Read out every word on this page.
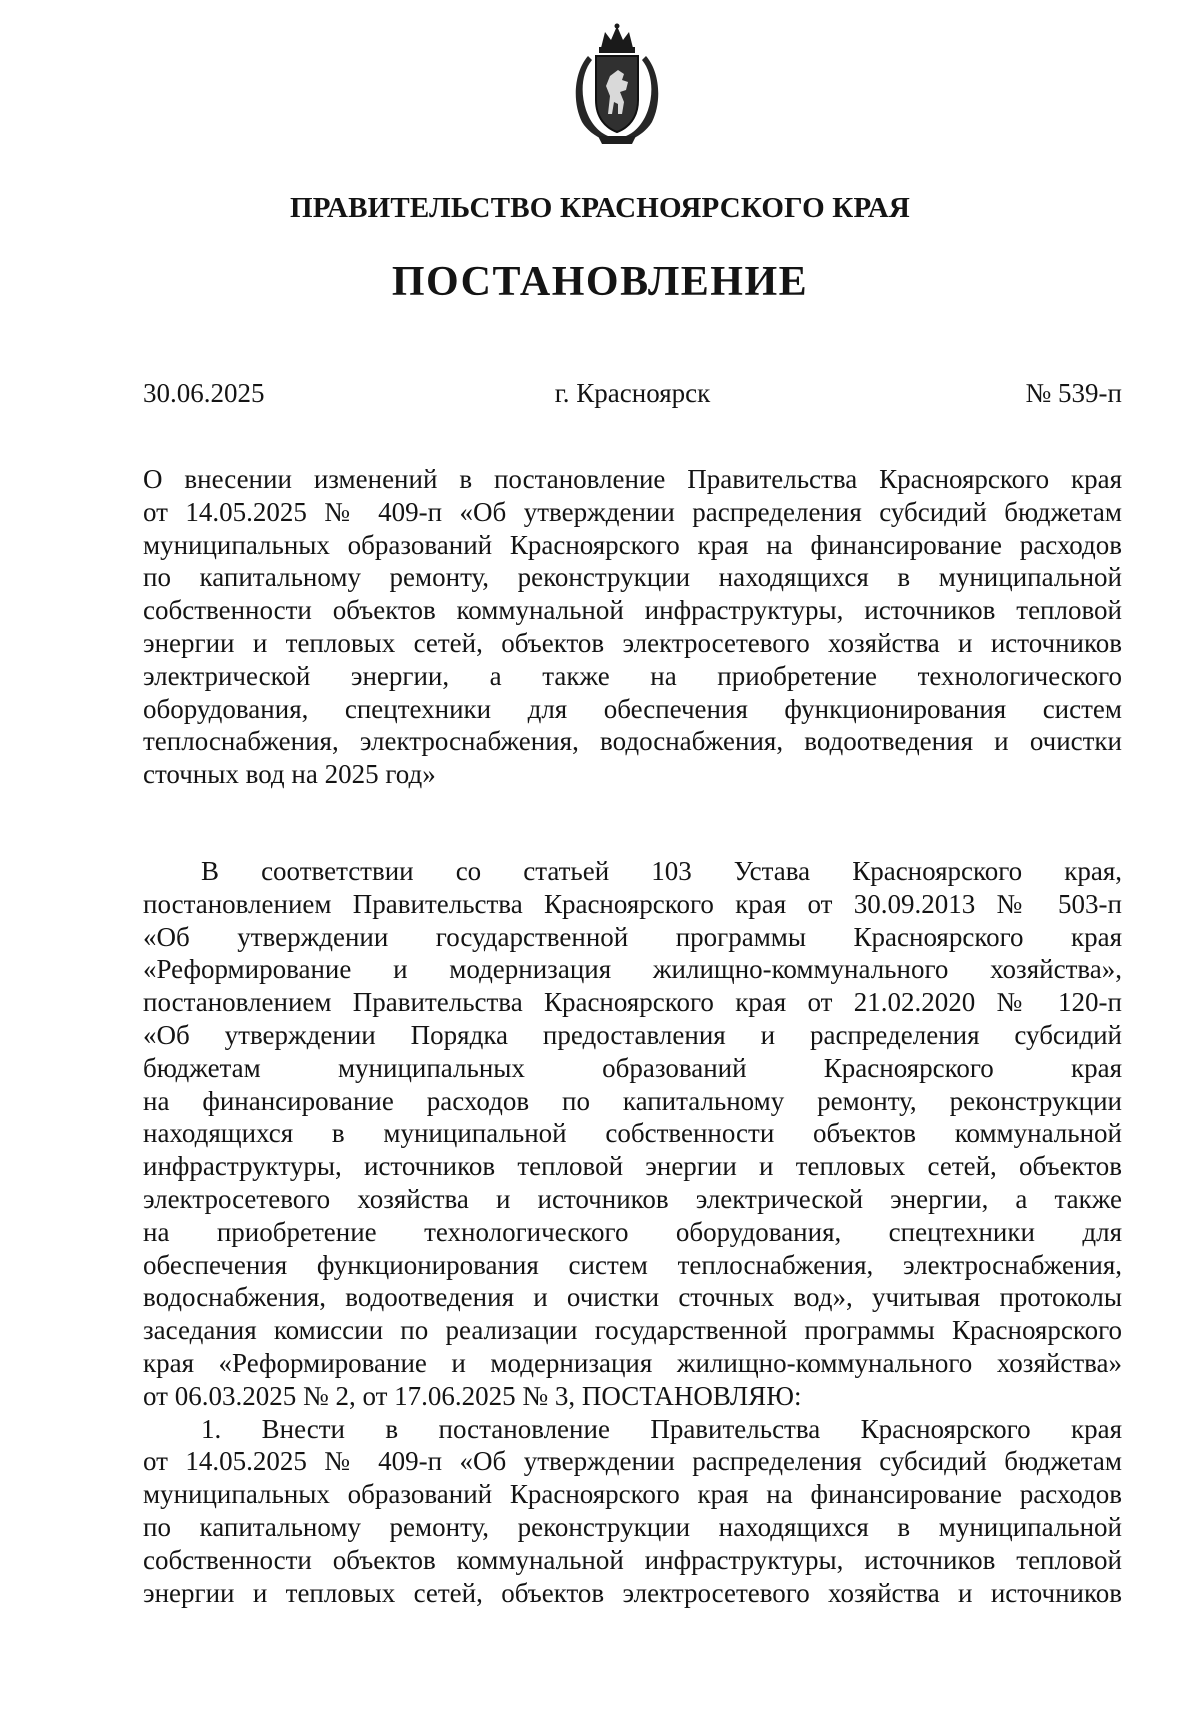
ПРАВИТЕЛЬСТВО КРАСНОЯРСКОГО КРАЯ
ПОСТАНОВЛЕНИЕ
г. Красноярск
30.06.2025	№ 539-п
О внесении изменений в постановление Правительства Красноярского края
от 14.05.2025 № 409-п «Об утверждении распределения субсидий бюджетам
муниципальных образований Красноярского края на финансирование расходов
по капитальному ремонту, реконструкции находящихся в муниципальной
собственности объектов коммунальной инфраструктуры, источников тепловой
энергии и тепловых сетей, объектов электросетевого хозяйства и источников
электрической энергии, а также на приобретение технологического
оборудования, спецтехники для обеспечения функционирования систем
теплоснабжения, электроснабжения, водоснабжения, водоотведения и очистки
сточных вод на 2025 год»
В соответствии со статьей 103 Устава Красноярского края,
постановлением Правительства Красноярского края от 30.09.2013 № 503-п
«Об утверждении государственной программы Красноярского края
«Реформирование и модернизация жилищно-коммунального хозяйства»,
постановлением Правительства Красноярского края от 21.02.2020 № 120-п
«Об утверждении Порядка предоставления и распределения субсидий
бюджетам муниципальных образований Красноярского края
на финансирование расходов по капитальному ремонту, реконструкции
находящихся в муниципальной собственности объектов коммунальной
инфраструктуры, источников тепловой энергии и тепловых сетей, объектов
электросетевого хозяйства и источников электрической энергии, а также
на приобретение технологического оборудования, спецтехники для
обеспечения функционирования систем теплоснабжения, электроснабжения,
водоснабжения, водоотведения и очистки сточных вод», учитывая протоколы
заседания комиссии по реализации государственной программы Красноярского
края «Реформирование и модернизация жилищно-коммунального хозяйства»
от 06.03.2025 № 2, от 17.06.2025 № 3, ПОСТАНОВЛЯЮ:
1. Внести в постановление Правительства Красноярского края
от 14.05.2025 № 409-п «Об утверждении распределения субсидий бюджетам
муниципальных образований Красноярского края на финансирование расходов
по капитальному ремонту, реконструкции находящихся в муниципальной
собственности объектов коммунальной инфраструктуры, источников тепловой
энергии и тепловых сетей, объектов электросетевого хозяйства и источников
